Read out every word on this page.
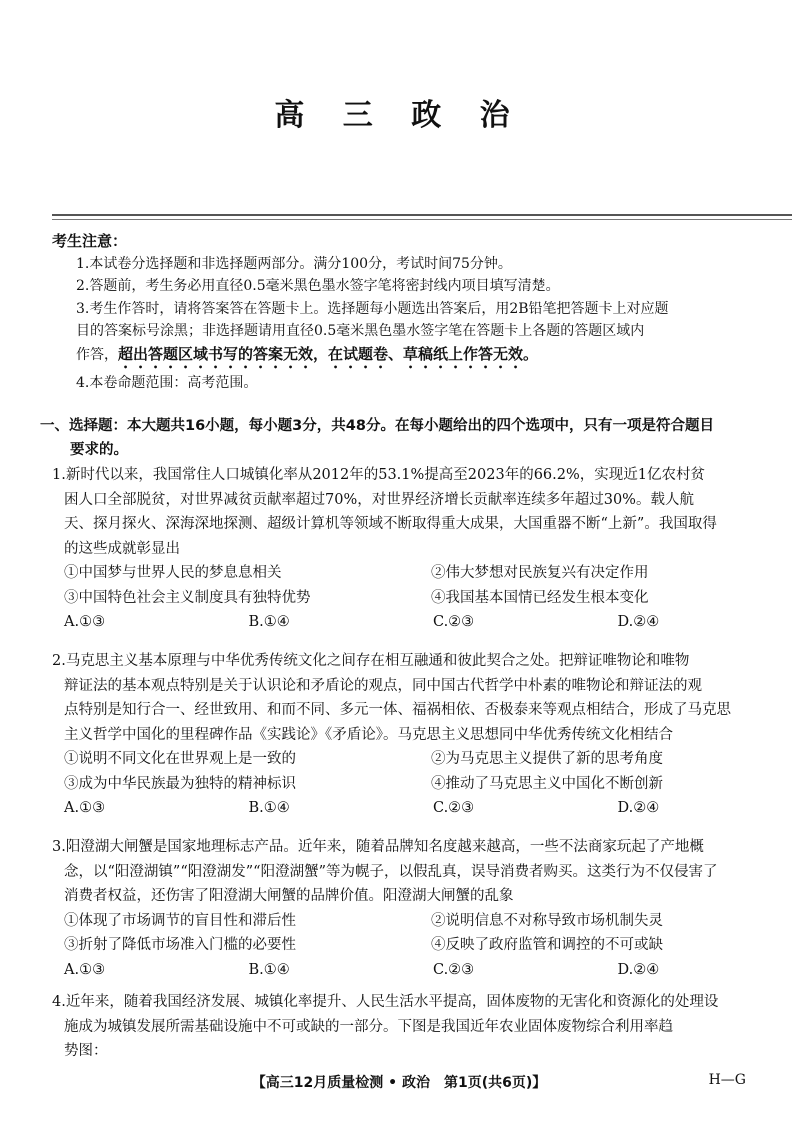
高 三 政 治
考生注意：
1.本试卷分选择题和非选择题两部分。满分100分，考试时间75分钟。
2.答题前，考生务必用直径0.5毫米黑色墨水签字笔将密封线内项目填写清楚。
3.考生作答时，请将答案答在答题卡上。选择题每小题选出答案后，用2B铅笔把答题卡上对应题
目的答案标号涂黑；非选择题请用直径0.5毫米黑色墨水签字笔在答题卡上各题的答题区域内
作答，超出答题区域书写的答案无效，在试题卷、草稿纸上作答无效。
4.本卷命题范围：高考范围。
一、选择题：本大题共16小题，每小题3分，共48分。在每小题给出的四个选项中，只有一项是符合题目
要求的。

1.新时代以来，我国常住人口城镇化率从2012年的53.1%提高至2023年的66.2%，实现近1亿农村贫

困人口全部脱贫，对世界减贫贡献率超过70%，对世界经济增长贡献率连续多年超过30%。载人航

天、探月探火、深海深地探测、超级计算机等领域不断取得重大成果，大国重器不断“上新”。我国取得

的这些成就彰显出

①中国梦与世界人民的梦息息相关	②伟大梦想对民族复兴有决定作用
③中国特色社会主义制度具有独特优势	④我国基本国情已经发生根本变化
A.①③	B.①④	C.②③	D.②④

2.马克思主义基本原理与中华优秀传统文化之间存在相互融通和彼此契合之处。把辩证唯物论和唯物

辩证法的基本观点特别是关于认识论和矛盾论的观点，同中国古代哲学中朴素的唯物论和辩证法的观

点特别是知行合一、经世致用、和而不同、多元一体、福祸相依、否极泰来等观点相结合，形成了马克思

主义哲学中国化的里程碑作品《实践论》《矛盾论》。马克思主义思想同中华优秀传统文化相结合

①说明不同文化在世界观上是一致的	②为马克思主义提供了新的思考角度
③成为中华民族最为独特的精神标识	④推动了马克思主义中国化不断创新
A.①③	B.①④	C.②③	D.②④

3.阳澄湖大闸蟹是国家地理标志产品。近年来，随着品牌知名度越来越高，一些不法商家玩起了产地概

念，以“阳澄湖镇”“阳澄湖发”“阳澄湖蟹”等为幌子，以假乱真，误导消费者购买。这类行为不仅侵害了

消费者权益，还伤害了阳澄湖大闸蟹的品牌价值。阳澄湖大闸蟹的乱象

①体现了市场调节的盲目性和滞后性	②说明信息不对称导致市场机制失灵
③折射了降低市场准入门槛的必要性	④反映了政府监管和调控的不可或缺
A.①③	B.①④	C.②③	D.②④

4.近年来，随着我国经济发展、城镇化率提升、人民生活水平提高，固体废物的无害化和资源化的处理设

施成为城镇发展所需基础设施中不可或缺的一部分。下图是我国近年农业固体废物综合利用率趋

势图：

【高三12月质量检测 • 政治　第1页(共6页)】	H—G
